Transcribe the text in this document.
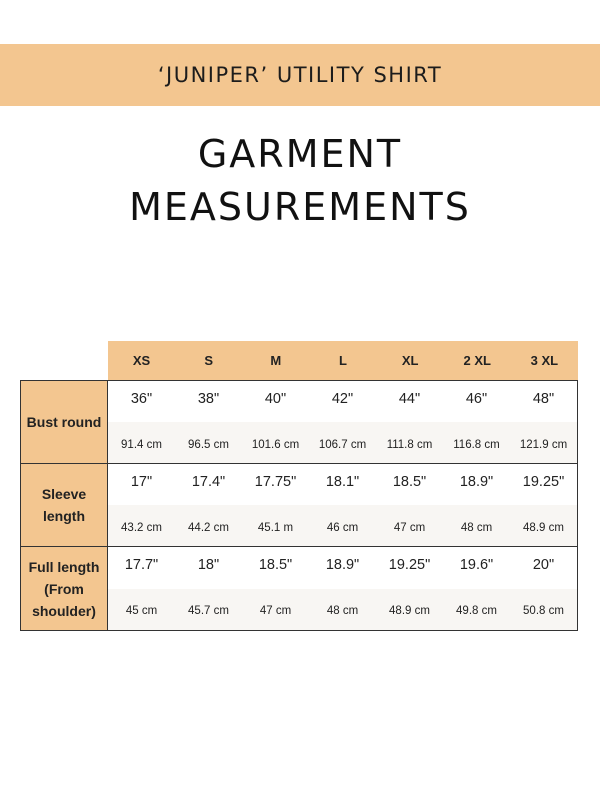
‘JUNIPER’ UTILITY SHIRT
GARMENT
MEASUREMENTS
XS	S	M	L	XL	2 XL	3 XL
Bust round
36"	38"	40"	42"	44"	46"	48"
91.4 cm	96.5 cm	101.6 cm	106.7 cm	111.8 cm	116.8 cm	121.9 cm
Sleeve
length
17"	17.4"	17.75"	18.1"	18.5"	18.9"	19.25"
43.2 cm	44.2 cm	45.1 m	46 cm	47 cm	48 cm	48.9 cm
Full length
(From
shoulder)
17.7"	18"	18.5"	18.9"	19.25"	19.6"	20"
45 cm	45.7 cm	47 cm	48 cm	48.9 cm	49.8 cm	50.8 cm
